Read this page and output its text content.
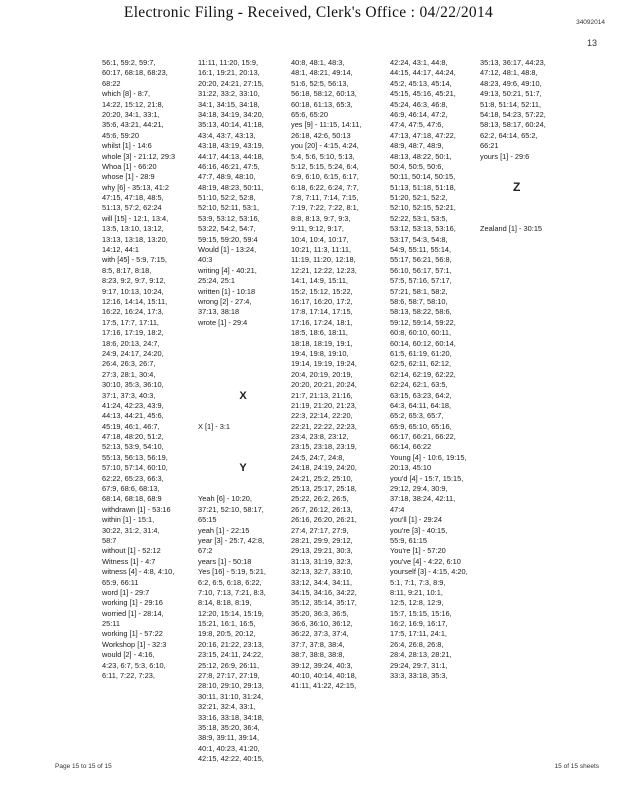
Electronic Filing - Received, Clerk's Office : 04/22/2014
34092014
13
56:1, 59:2, 59:7,
60:17, 68:18, 68:23,
68:22
which [8] - 8:7,
14:22, 15:12, 21:8,
20:20, 34:1, 33:1,
35:6, 43:21, 44:21,
45:6, 59:20
whilst [1] - 14:6
whole [3] - 21:12, 29:3
Whoa [1] - 66:20
whose [1] - 28:9
why [6] - 35:13, 41:2
47:15, 47:18, 48:5,
51:13, 57:2, 62:24
will [15] - 12:1, 13:4,
13:5, 13:10, 13:12,
13:13, 13:18, 13:20,
14:12, 44:1
with [45] - 5:9, 7:15,
8:5, 8:17, 8:18,
8:23, 9:2, 9:7, 9:12,
9:17, 10:13, 10:24,
12:16, 14:14, 15:11,
16:22, 16:24, 17:3,
17:5, 17:7, 17:11,
17:16, 17:19, 18:2,
18:6, 20:13, 24:7,
24:9, 24:17, 24:20,
26:4, 26:3, 26:7,
27:3, 28:1, 30:4,
30:10, 35:3, 36:10,
37:1, 37:3, 40:3,
41:24, 42:23, 43:9,
44:13, 44:21, 45:6,
45:19, 46:1, 46:7,
47:18, 48:20, 51:2,
52:13, 53:9, 54:10,
55:13, 56:13, 56:19,
57:10, 57:14, 60:10,
62:22, 65:23, 66:3,
67:9, 68:6, 68:13,
68:14, 68:18, 68:9
withdrawn [1] - 53:16
within [1] - 15:1,
30:22, 31:2, 31:4,
58:7
without [1] - 52:12
Witness [1] - 4:7
witness [4] - 4:8, 4:10,
65:9, 66:11
word [1] - 29:7
working [1] - 29:16
worried [1] - 28:14,
25:11
working [1] - 57:22
Workshop [1] - 32:3
would [2] - 4:16,
4:23, 6:7, 5:3, 6:10,
6:11, 7:22, 7:23,
11:11, 11:20, 15:9,
16:1, 19:21, 20:13,
20:20, 24:21, 27:15,
31:22, 33:2, 33:10,
34:1, 34:15, 34:18,
34:18, 34:19, 34:20,
35:13, 40:14, 41:18,
43:4, 43:7, 43:13,
43:18, 43:19, 43:19,
44:17, 44:13, 44:18,
46:16, 46:21, 47:5,
47:7, 48:9, 48:10,
48:19, 48:23, 50:11,
51:10, 52:2, 52:8,
52:10, 52:11, 53:1,
53:9, 53:12, 53:16,
53:22, 54:2, 54:7,
59:15, 59:20, 59:4
Would [1] - 13:24,
40:3
writing [4] - 40:21,
25:24, 25:1
written [1] - 10:18
wrong [2] - 27:4,
37:13, 38:18
wrote [1] - 29:4
X
X [1] - 3:1
Y
Yeah [6] - 10:20,
37:21, 52:10, 58:17,
65:15
yeah [1] - 22:15
year [3] - 25:7, 42:8,
67:2
years [1] - 50:18
Yes [16] - 5:19, 5:21,
6:2, 6:5, 6:18, 6:22,
7:10, 7:13, 7:21, 8:3,
8:14, 8:18, 8:19,
12:20, 15:14, 15:19,
15:21, 16:1, 16:5,
19:8, 20:5, 20:12,
20:16, 21:22, 23:13,
23:15, 24:11, 24:22,
25:12, 26:9, 26:11,
27:8, 27:17, 27:19,
28:10, 29:10, 29:13,
30:11, 31:10, 31:24,
32:21, 32:4, 33:1,
33:16, 33:18, 34:18,
35:18, 35:20, 36:4,
38:9, 39:11, 39:14,
40:1, 40:23, 41:20,
42:15, 42:22, 40:15,
40:8, 48:1, 48:3,
48:1, 48:21, 49:14,
51:6, 52:5, 56:13,
56:18, 58:12, 60:13,
60:18, 61:13, 65:3,
65:6, 65:20
yes [9] - 11:15, 14:11,
26:18, 42:6, 50:13
you [20] - 4:15, 4:24,
5:4, 5:6, 5:10, 5:13,
5:12, 5:15, 5:24, 6:4,
6:9, 6:10, 6:15, 6:17,
6:18, 6:22, 6:24, 7:7,
7:8, 7:11, 7:14, 7:15,
7:19, 7:22, 7:22, 8:1,
8:8, 8:13, 9:7, 9:3,
9:11, 9:12, 9:17,
10:4, 10:4, 10:17,
10:21, 11:3, 11:11,
11:19, 11:20, 12:18,
12:21, 12:22, 12:23,
14:1, 14:9, 15:11,
15:2, 15:12, 15:22,
16:17, 16:20, 17:2,
17:8, 17:14, 17:15,
17:16, 17:24, 18:1,
18:5, 18:6, 18:11,
18:18, 18:19, 19:1,
19:4, 19:8, 19:10,
19:14, 19:19, 19:24,
20:4, 20:19, 20:19,
20:20, 20:21, 20:24,
21:7, 21:13, 21:16,
21:19, 21:20, 21:23,
22:3, 22:14, 22:20,
22:21, 22:22, 22:23,
23:4, 23:8, 23:12,
23:15, 23:18, 23:19,
24:5, 24:7, 24:8,
24:18, 24:19, 24:20,
24:21, 25:2, 25:10,
25:13, 25:17, 25:18,
25:22, 26:2, 26:5,
26:7, 26:12, 26:13,
26:16, 26:20, 26:21,
27:4, 27:17, 27:9,
28:21, 29:9, 29:12,
29:13, 29:21, 30:3,
31:13, 31:19, 32:3,
32:13, 32:7, 33:10,
33:12, 34:4, 34:11,
34:15, 34:16, 34:22,
35:12, 35:14, 35:17,
35:20, 36:3, 36:5,
36:6, 36:10, 36:12,
36:22, 37:3, 37:4,
37:7, 37:8, 38:4,
38:7, 38:8, 38:8,
39:12, 39:24, 40:3,
40:10, 40:14, 40:18,
41:11, 41:22, 42:15,
42:24, 43:1, 44:8,
44:15, 44:17, 44:24,
45:2, 45:13, 45:14,
45:15, 45:16, 45:21,
45:24, 46:3, 46:8,
46:9, 46:14, 47:2,
47:4, 47:5, 47:6,
47:13, 47:18, 47:22,
48:9, 48:7, 48:9,
48:13, 48:22, 50:1,
50:4, 50:5, 50:6,
50:11, 50:14, 50:15,
51:13, 51:18, 51:18,
51:20, 52:1, 52:2,
52:10, 52:15, 52:21,
52:22, 53:1, 53:5,
53:12, 53:13, 53:16,
53:17, 54:3, 54:8,
54:9, 55:11, 55:14,
55:17, 56:21, 56:8,
56:10, 56:17, 57:1,
57:5, 57:16, 57:17,
57:21, 58:1, 58:2,
58:6, 58:7, 58:10,
58:13, 58:22, 58:6,
59:12, 59:14, 59:22,
60:8, 60:10, 60:11,
60:14, 60:12, 60:14,
61:5, 61:19, 61:20,
62:5, 62:11, 62:12,
62:14, 62:19, 62:22,
62:24, 62:1, 63:5,
63:15, 63:23, 64:2,
64:3, 64:11, 64:18,
65:2, 65:3, 65:7,
65:9, 65:10, 65:16,
66:17, 66:21, 66:22,
66:14, 66:22
Young [4] - 10:6, 19:15,
20:13, 45:10
you'd [4] - 15:7, 15:15,
29:12, 29:4, 30:9,
37:18, 38:24, 42:11,
47:4
you'll [1] - 29:24
you're [3] - 40:15,
55:9, 61:15
You're [1] - 57:20
you've [4] - 4:22, 6:10
yourself [3] - 4:15, 4:20,
5:1, 7:1, 7:3, 8:9,
8:11, 9:21, 10:1,
12:5, 12:8, 12:9,
15:7, 15:15, 15:16,
16:2, 16:9, 16:17,
17:5, 17:11, 24:1,
26:4, 26:8, 26:8,
28:4, 28:13, 28:21,
29:24, 29:7, 31:1,
33:3, 33:18, 35:3,
35:13, 36:17, 44:23,
47:12, 48:1, 48:8,
48:23, 49:6, 49:10,
49:13, 50:21, 51:7,
51:8, 51:14, 52:11,
54:18, 54:23, 57:22,
58:13, 58:17, 60:24,
62:2, 64:14, 65:2,
66:21
yours [1] - 29:6
Zealand [1] - 30:15
Z
Page 15 to 15 of 15	15 of 15 sheets
